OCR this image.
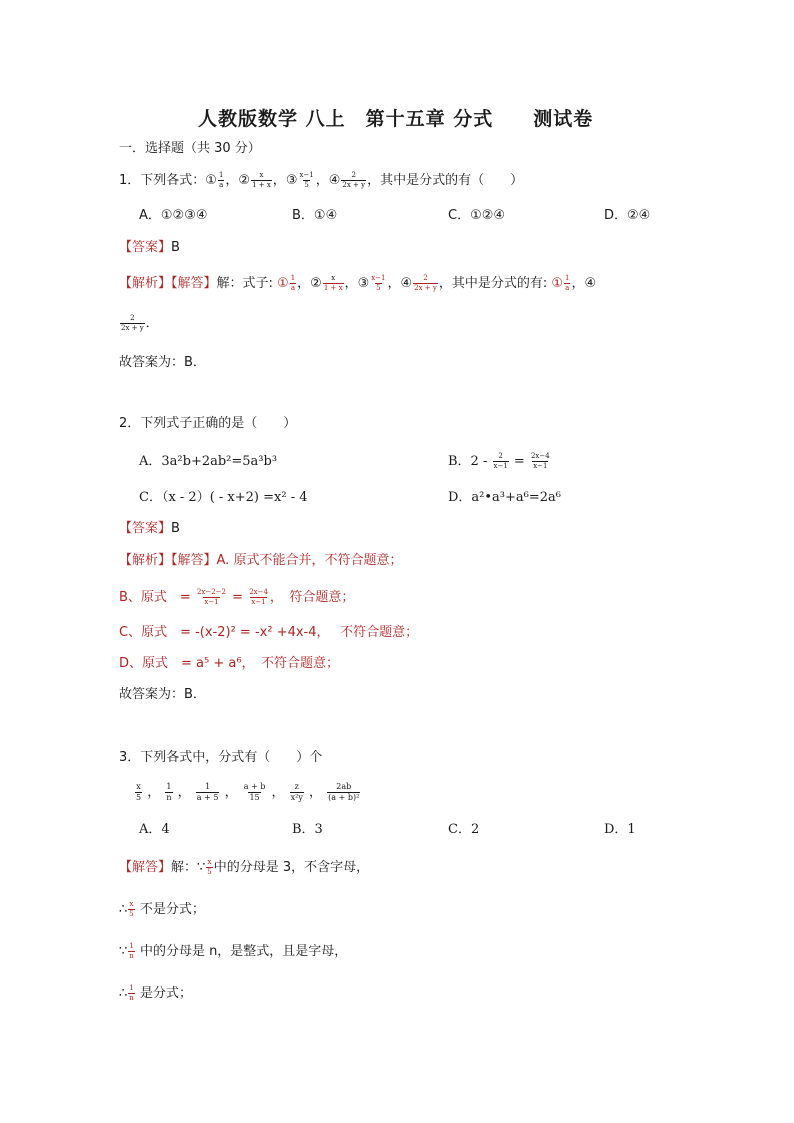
人教版数学 八上　第十五章 分式　　测试卷
一．选择题（共 30 分）
1．下列各式：① $\frac{1}{a}$ ，② $\frac{x}{1 + x}$ ，③ $\frac{x-1}{5}$ ，④ $\frac{2}{2x + y}$ ，其中是分式的有（　　）
A．①②③④	B．①④	C．①②④	D．②④
【答案】B
【解析】【解答】解：式子: ① $\frac{1}{a}$ ，② $\frac{x}{1 + x}$ ，③ $\frac{x-1}{5}$ ，④ $\frac{2}{2x + y}$ ，其中是分式的有: ① $\frac{1}{a}$ ，④
$\frac{2}{2x + y}$ ．
故答案为：B．
2．下列式子正确的是（　　）
A．3a²b+2ab²=5a³b³	B．$2 - \frac{2}{x-1} = \frac{2x-4}{x-1}$
C．（x - 2）( - x+2) =x² - 4	D．a²•a³+a⁶=2a⁶
【答案】B
【解析】【解答】A. 原式不能合并，不符合题意；
B、原式　= $\frac{2x-2-2}{x-1} = \frac{2x-4}{x-1}$ ，　符合题意；
C、原式　= -(x-2)² = -x² +4x-4，　 不符合题意；
D、原式　= a⁵ + a⁶，　不符合题意；
故答案为：B．
3．下列各式中，分式有（　　）个
$\frac{x}{5}$ ， $\frac{1}{n}$ ， $\frac{1}{a + 5}$ ， $\frac{a + b}{15}$ ， $\frac{z}{\text{x²y}}$ ， $\frac{2ab}{\text{(a + b)²}}$
A．4	B．3	C．2	D．1
【解答】解：∵ $\frac{x}{5}$ 中的分母是 3，不含字母，
∴ $\frac{x}{5}$ 不是分式；
∵ $\frac{1}{n}$ 中的分母是 n，是整式，且是字母，
∴ $\frac{1}{n}$ 是分式；
